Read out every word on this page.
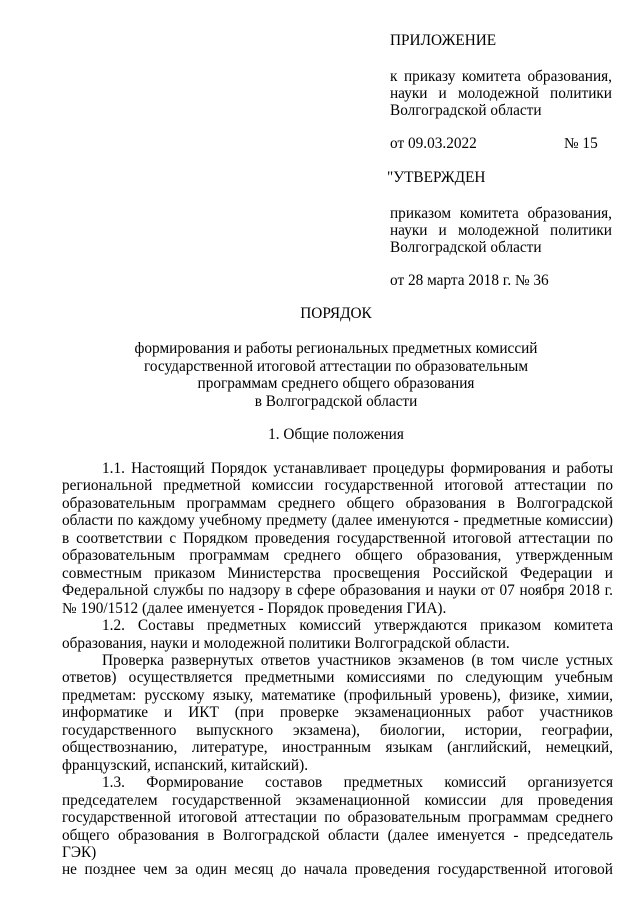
ПРИЛОЖЕНИЕ
к приказу комитета образования,
науки и молодежной политики
Волгоградской области
от 09.03.2022	№ 15
"УТВЕРЖДЕН
приказом комитета образования,
науки и молодежной политики
Волгоградской области
от 28 марта 2018 г. № 36
ПОРЯДОК
формирования и работы региональных предметных комиссий
государственной итоговой аттестации по образовательным
программам среднего общего образования
в Волгоградской области
1. Общие положения
1.1. Настоящий Порядок устанавливает процедуры формирования и работы
региональной предметной комиссии государственной итоговой аттестации по
образовательным программам среднего общего образования в Волгоградской
области по каждому учебному предмету (далее именуются - предметные комиссии)
в соответствии с Порядком проведения государственной итоговой аттестации по
образовательным программам среднего общего образования, утвержденным
совместным приказом Министерства просвещения Российской Федерации и
Федеральной службы по надзору в сфере образования и науки от 07 ноября 2018 г.
№ 190/1512 (далее именуется - Порядок проведения ГИА).
1.2. Составы предметных комиссий утверждаются приказом комитета
образования, науки и молодежной политики Волгоградской области.
Проверка развернутых ответов участников экзаменов (в том числе устных
ответов) осуществляется предметными комиссиями по следующим учебным
предметам: русскому языку, математике (профильный уровень), физике, химии,
информатике и ИКТ (при проверке экзаменационных работ участников
государственного выпускного экзамена), биологии, истории, географии,
обществознанию, литературе, иностранным языкам (английский, немецкий,
французский, испанский, китайский).
1.3. Формирование составов предметных комиссий организуется
председателем государственной экзаменационной комиссии для проведения
государственной итоговой аттестации по образовательным программам среднего
общего образования в Волгоградской области (далее именуется - председатель ГЭК)
не позднее чем за один месяц до начала проведения государственной итоговой
